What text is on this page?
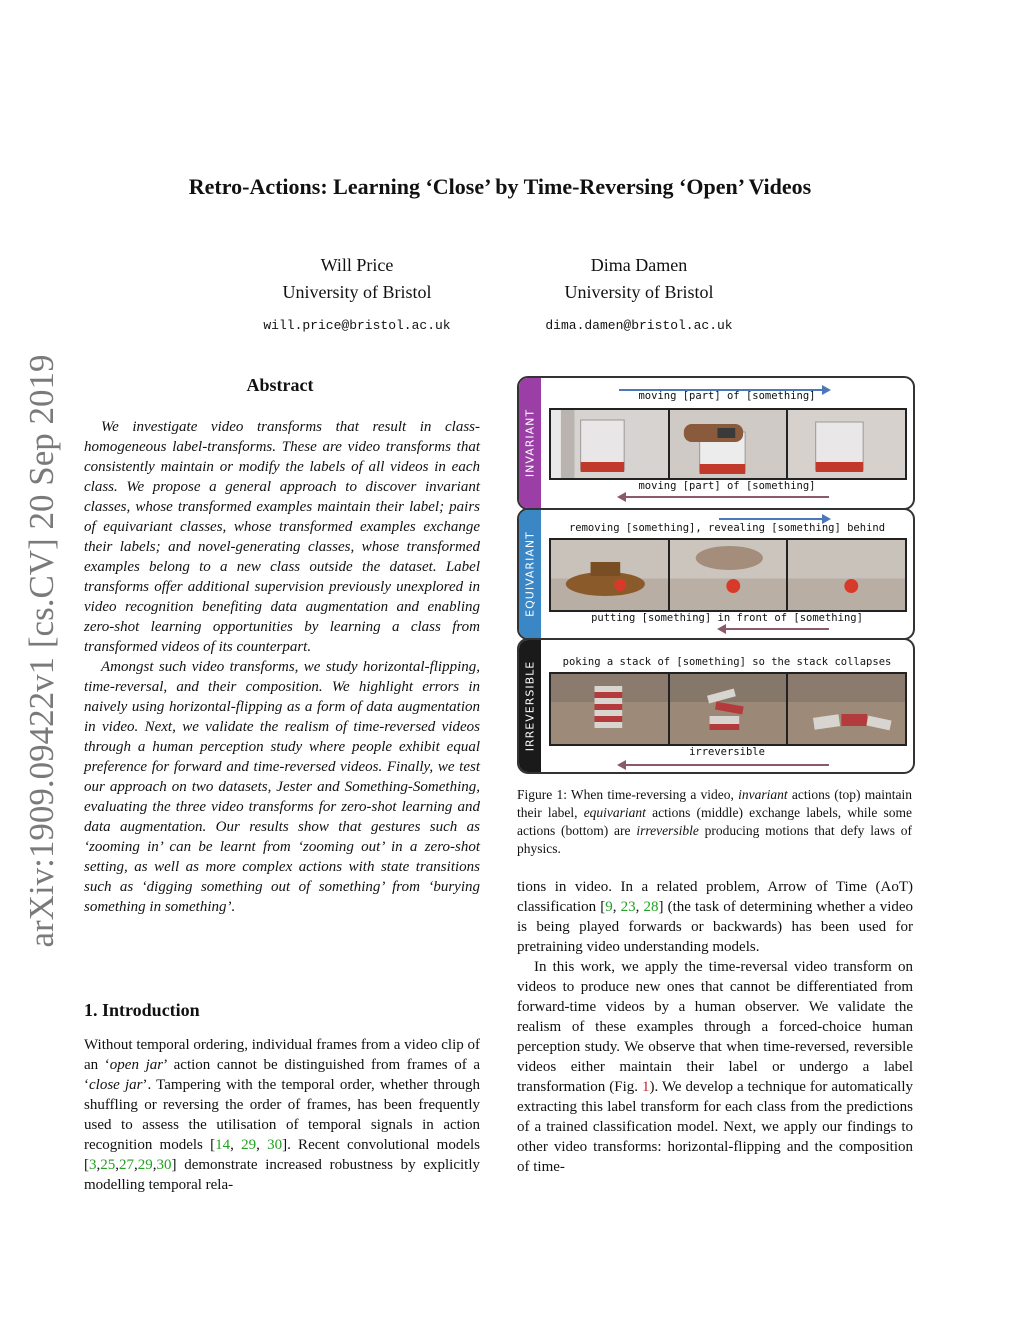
arXiv:1909.09422v1 [cs.CV] 20 Sep 2019
Retro-Actions: Learning ‘Close’ by Time-Reversing ‘Open’ Videos
Will Price
University of Bristol
will.price@bristol.ac.uk
Dima Damen
University of Bristol
dima.damen@bristol.ac.uk
Abstract

We investigate video transforms that result in class-homogeneous label-transforms. These are video transforms that consistently maintain or modify the labels of all videos in each class. We propose a general approach to discover invariant classes, whose transformed examples maintain their label; pairs of equivariant classes, whose transformed examples exchange their labels; and novel-generating classes, whose transformed examples belong to a new class outside the dataset. Label transforms offer additional supervision previously unexplored in video recognition benefiting data augmentation and enabling zero-shot learning opportunities by learning a class from transformed videos of its counterpart.

Amongst such video transforms, we study horizontal-flipping, time-reversal, and their composition. We highlight errors in naively using horizontal-flipping as a form of data augmentation in video. Next, we validate the realism of time-reversed videos through a human perception study where people exhibit equal preference for forward and time-reversed videos. Finally, we test our approach on two datasets, Jester and Something-Something, evaluating the three video transforms for zero-shot learning and data augmentation. Our results show that gestures such as ‘zooming in’ can be learnt from ‘zooming out’ in a zero-shot setting, as well as more complex actions with state transitions such as ‘digging something out of something’ from ‘burying something in something’.

1. Introduction

Without temporal ordering, individual frames from a video clip of an ‘open jar’ action cannot be distinguished from frames of a ‘close jar’. Tampering with the temporal order, whether through shuffling or reversing the order of frames, has been frequently used to assess the utilisation of temporal signals in action recognition models [14, 29, 30]. Recent convolutional models [3,25,27,29,30] demonstrate increased robustness by explicitly modelling temporal rela-

tions in video. In a related problem, Arrow of Time (AoT) classification [9, 23, 28] (the task of determining whether a video is being played forwards or backwards) has been used for pretraining video understanding models.

In this work, we apply the time-reversal video transform on videos to produce new ones that cannot be differentiated from forward-time videos by a human observer. We validate the realism of these examples through a forced-choice human perception study. We observe that when time-reversed, reversible videos either maintain their label or undergo a label transformation (Fig. 1). We develop a technique for automatically extracting this label transform for each class from the predictions of a trained classification model. Next, we apply our findings to other video transforms: horizontal-flipping and the composition of time-

INVARIANT
moving [part] of [something]
moving [part] of [something]
EQUIVARIANT
removing [something], revealing [something] behind
putting [something] in front of [something]
IRREVERSIBLE	poking a stack of [something] so the stack collapses
irreversible
Figure 1: When time-reversing a video, invariant actions (top) maintain their label, equivariant actions (middle) exchange labels, while some actions (bottom) are irreversible producing motions that defy laws of physics.
